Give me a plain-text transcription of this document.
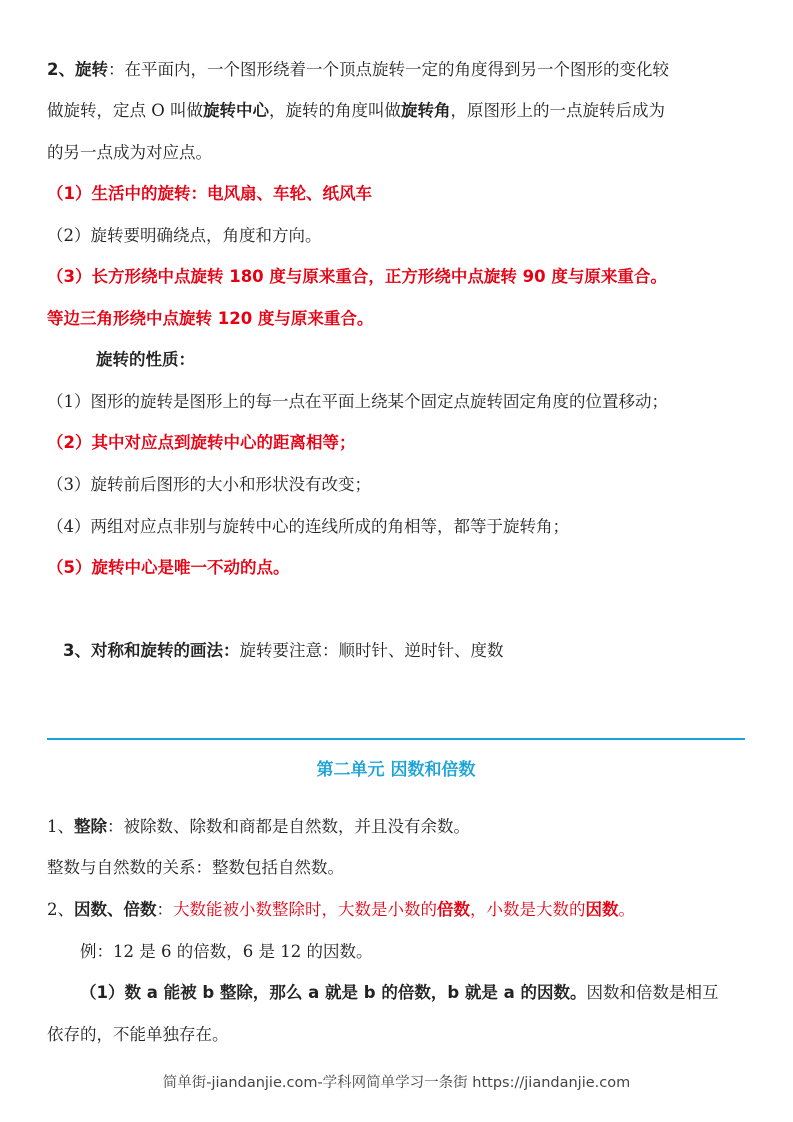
2、旋转：在平面内，一个图形绕着一个顶点旋转一定的角度得到另一个图形的变化较
做旋转，定点 O 叫做旋转中心，旋转的角度叫做旋转角，原图形上的一点旋转后成为
的另一点成为对应点。
（1）生活中的旋转：电风扇、车轮、纸风车
（2）旋转要明确绕点，角度和方向。
（3）长方形绕中点旋转 180 度与原来重合，正方形绕中点旋转 90 度与原来重合。
等边三角形绕中点旋转 120 度与原来重合。
旋转的性质：
（1）图形的旋转是图形上的每一点在平面上绕某个固定点旋转固定角度的位置移动；
（2）其中对应点到旋转中心的距离相等；
（3）旋转前后图形的大小和形状没有改变；
（4）两组对应点非别与旋转中心的连线所成的角相等，都等于旋转角；
（5）旋转中心是唯一不动的点。
3、对称和旋转的画法：旋转要注意：顺时针、逆时针、度数
第二单元 因数和倍数
1、整除：被除数、除数和商都是自然数，并且没有余数。
整数与自然数的关系：整数包括自然数。
2、因数、倍数：大数能被小数整除时，大数是小数的倍数，小数是大数的因数。
例：12 是 6 的倍数，6 是 12 的因数。
（1）数 a 能被 b 整除，那么 a 就是 b 的倍数，b 就是 a 的因数。因数和倍数是相互
依存的，不能单独存在。
简单街-jiandanjie.com-学科网简单学习一条街 https://jiandanjie.com
